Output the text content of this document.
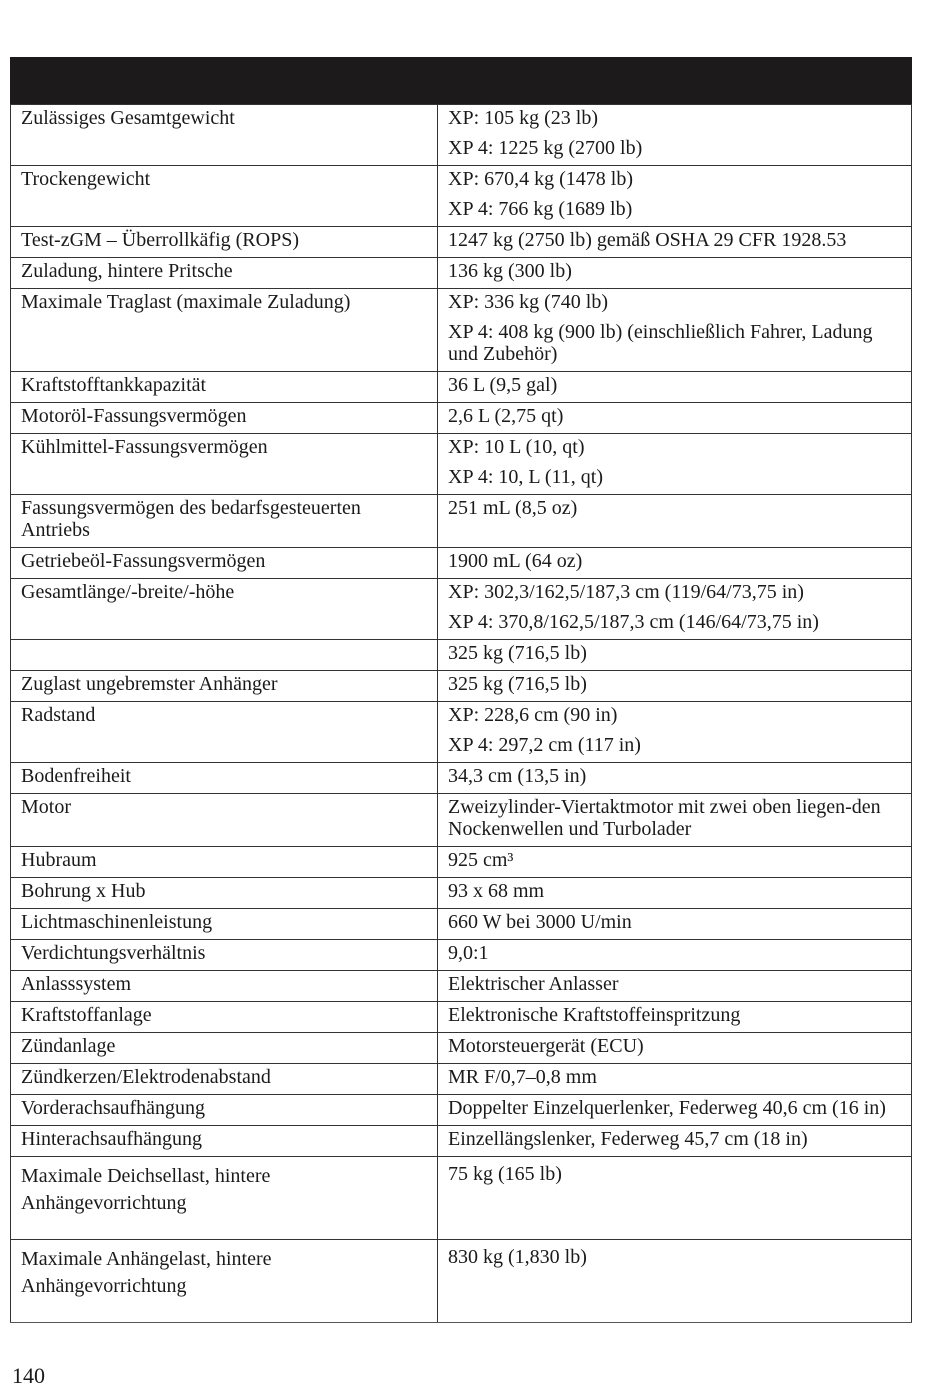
Zulässiges Gesamtgewicht	XP: 105 kg (23 lb)
XP 4: 1225 kg (2700 lb)

Trockengewicht	XP: 670,4 kg (1478 lb)
XP 4: 766 kg (1689 lb)

Test-zGM – Überrollkäfig (ROPS)	1247 kg (2750 lb) gemäß OSHA 29 CFR 1928.53

Zuladung, hintere Pritsche	136 kg (300 lb)

Maximale Traglast (maximale Zuladung)	XP: 336 kg (740 lb)
XP 4: 408 kg (900 lb) (einschließlich Fahrer, Ladung und Zubehör)

Kraftstofftankkapazität	36 L (9,5 gal)

Motoröl-Fassungsvermögen	2,6 L (2,75 qt)

Kühlmittel-Fassungsvermögen	XP: 10 L (10, qt)
XP 4: 10, L (11, qt)

Fassungsvermögen des bedarfsgesteuerten Antriebs	251 mL (8,5 oz)

Getriebeöl-Fassungsvermögen	1900 mL (64 oz)

Gesamtlänge/-breite/-höhe	XP: 302,3/162,5/187,3 cm (119/64/73,75 in)
XP 4: 370,8/162,5/187,3 cm (146/64/73,75 in)

	325 kg (716,5 lb)

Zuglast ungebremster Anhänger	325 kg (716,5 lb)

Radstand	XP: 228,6 cm (90 in)
XP 4: 297,2 cm (117 in)

Bodenfreiheit	34,3 cm (13,5 in)

Motor	Zweizylinder-Viertaktmotor mit zwei oben liegen-den Nockenwellen und Turbolader

Hubraum	925 cm³

Bohrung x Hub	93 x 68 mm

Lichtmaschinenleistung	660 W bei 3000 U/min

Verdichtungsverhältnis	9,0:1

Anlasssystem	Elektrischer Anlasser

Kraftstoffanlage	Elektronische Kraftstoffeinspritzung

Zündanlage	Motorsteuergerät (ECU)

Zündkerzen/Elektrodenabstand	MR F/0,7–0,8 mm

Vorderachsaufhängung	Doppelter Einzelquerlenker, Federweg 40,6 cm (16 in)

Hinterachsaufhängung	Einzellängslenker, Federweg 45,7 cm (18 in)

Maximale Deichsellast, hintere Anhängevorrichtung	75 kg (165 lb)

Maximale Anhängelast, hintere Anhängevorrichtung	830 kg (1,830 lb)
140
